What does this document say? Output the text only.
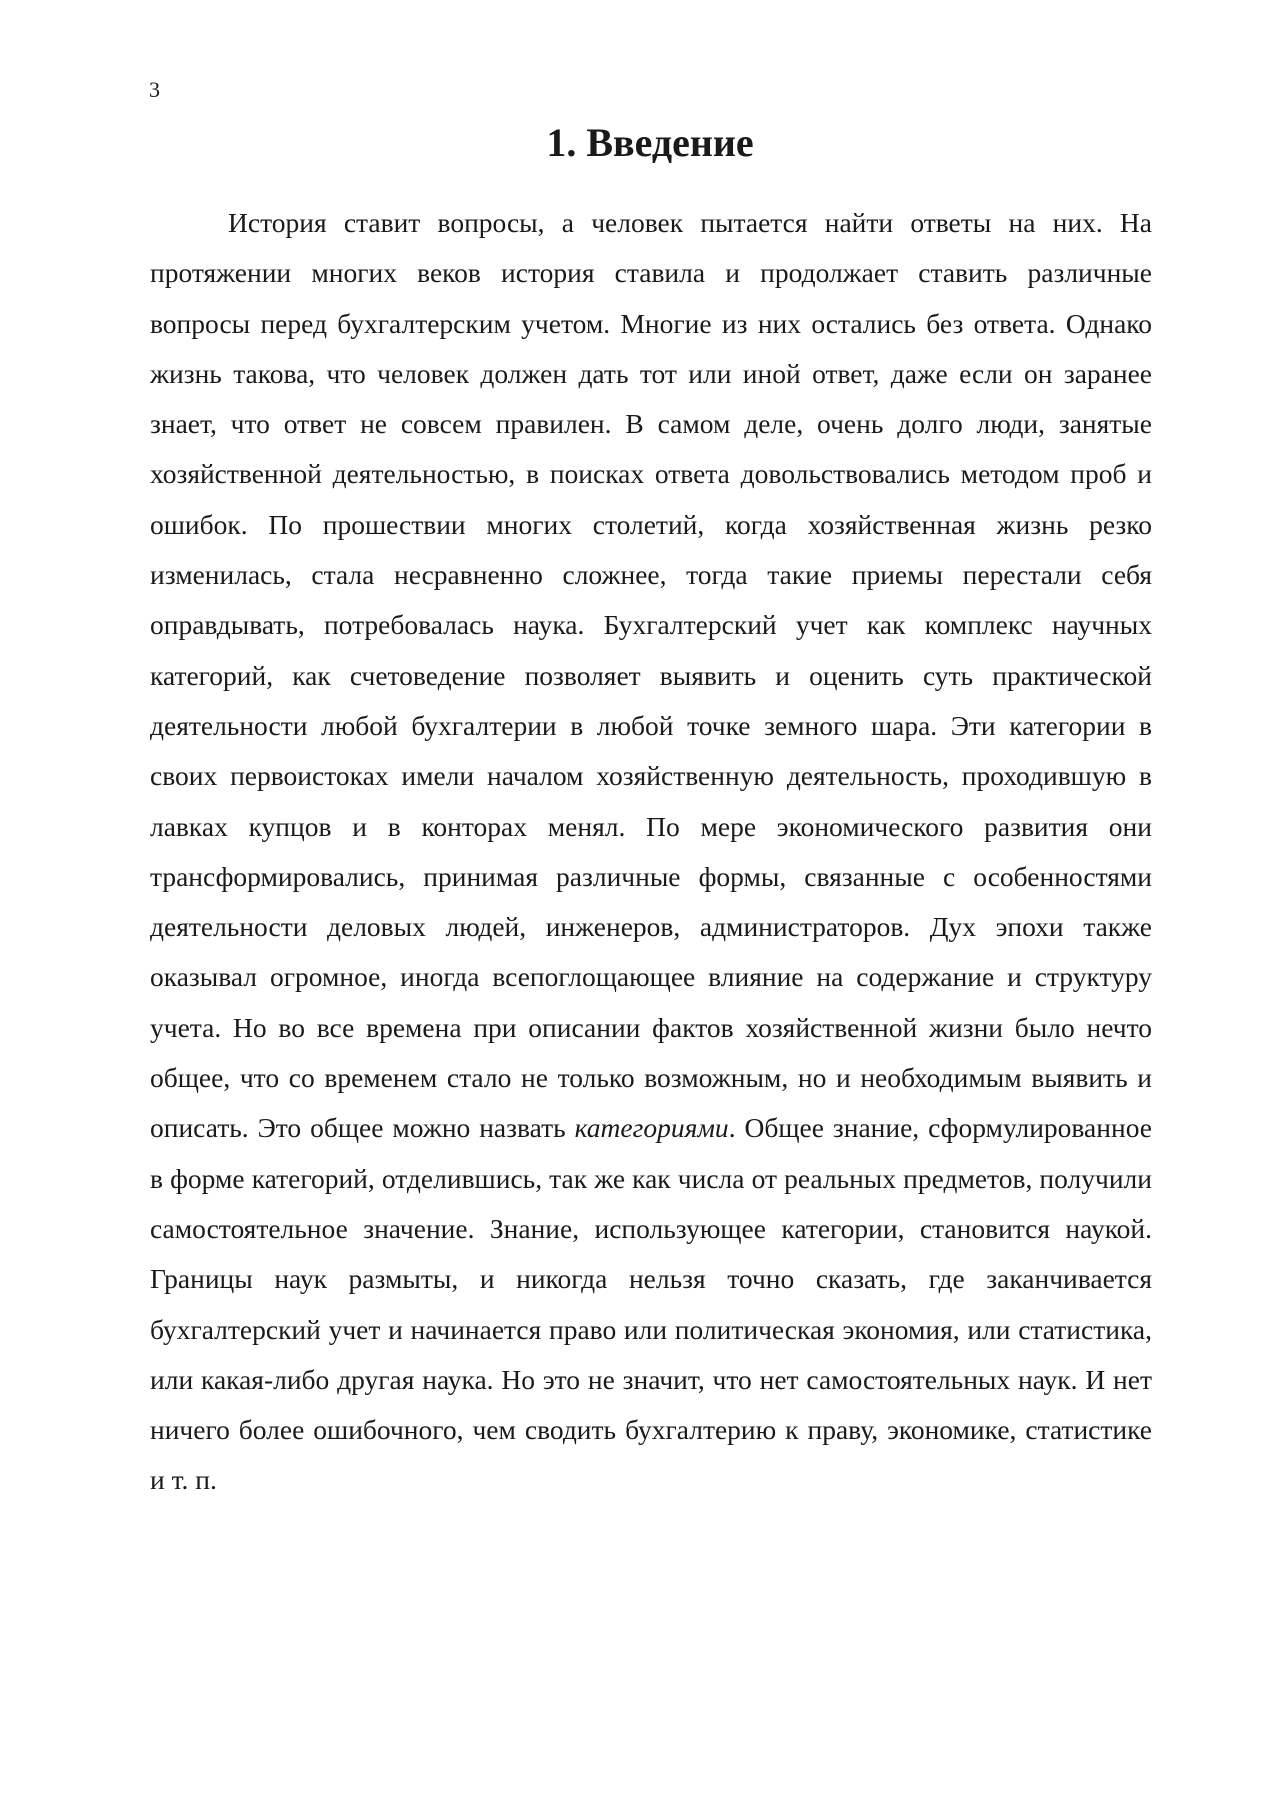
3
1. Введение

История ставит вопросы, а человек пытается найти ответы на них. На протяжении многих веков история ставила и продолжает ставить различные вопросы перед бухгалтерским учетом. Многие из них остались без ответа. Однако жизнь такова, что человек должен дать тот или иной ответ, даже если он заранее знает, что ответ не совсем правилен. В самом деле, очень долго люди, занятые хозяйственной деятельностью, в поисках ответа довольствовались методом проб и ошибок. По прошествии многих столетий, когда хозяйственная жизнь резко изменилась, стала несравненно сложнее, тогда такие приемы перестали себя оправдывать, потребовалась наука. Бухгалтерский учет как комплекс научных категорий, как счетоведение позволяет выявить и оценить суть практической деятельности любой бухгалтерии в любой точке земного шара. Эти категории в своих первоистоках имели началом хозяйственную деятельность, проходившую в лавках купцов и в конторах менял. По мере экономического развития они трансформировались, принимая различные формы, связанные с особенностями деятельности деловых людей, инженеров, администраторов. Дух эпохи также оказывал огромное, иногда всепоглощающее влияние на содержание и структуру учета. Но во все времена при описании фактов хозяйственной жизни было нечто общее, что со временем стало не только возможным, но и необходимым выявить и описать. Это общее можно назвать категориями. Общее знание, сформулированное в форме категорий, отделившись, так же как числа от реальных предметов, получили самостоятельное значение. Знание, использующее категории, становится наукой. Границы наук размыты, и никогда нельзя точно сказать, где заканчивается бухгалтерский учет и начинается право или политическая экономия, или статистика, или какая-либо другая наука. Но это не значит, что нет самостоятельных наук. И нет ничего более ошибочного, чем сводить бухгалтерию к праву, экономике, статистике и т. п.
